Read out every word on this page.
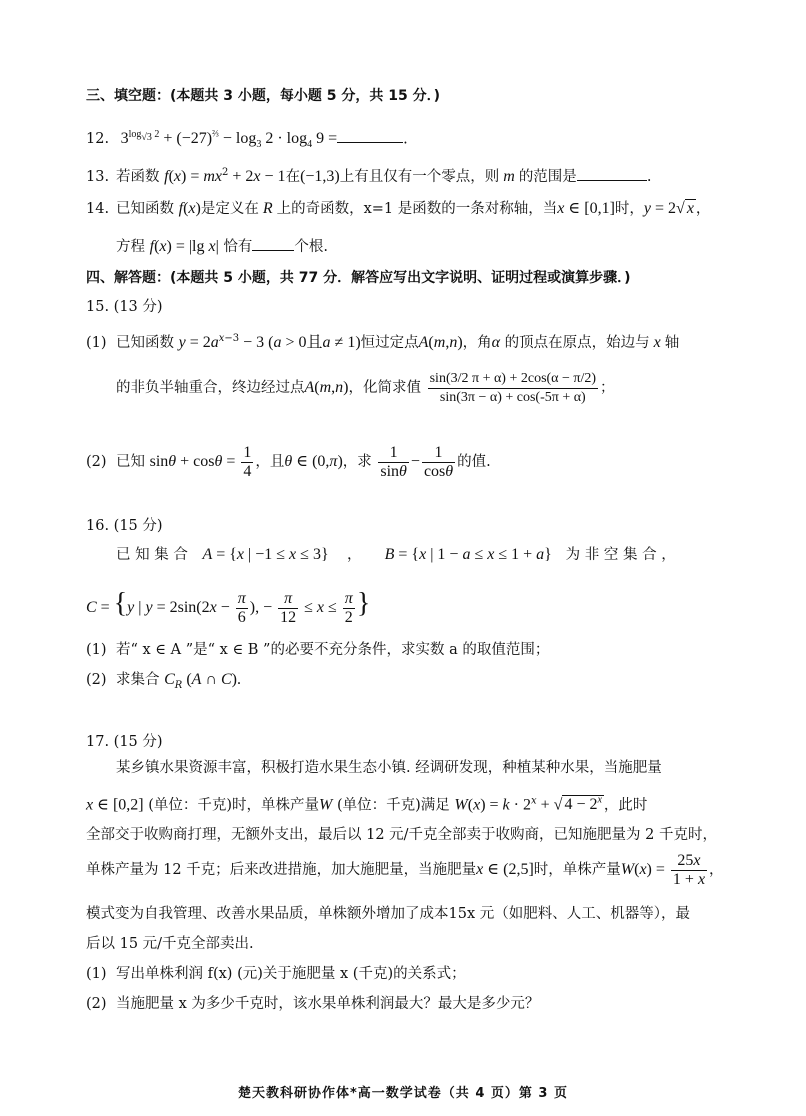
三、填空题：(本题共 3 小题，每小题 5 分，共 15 分．)
12. $3^{log_{√3} 2} + (-27)^{\frac{2}{3}} - \log_3 2 \cdot \log_4 9$ =	.
13. 若函数 $f(x) = mx^2 + 2x - 1$在(−1,3)上有且仅有一个零点，则 m 的范围是	.
14. 已知函数 f(x)是定义在 R 上的奇函数，x=1 是函数的一条对称轴，当x ∈ [0,1]时，y = 2√ x ，
方程 f(x) = |lg x| 恰有	个根.
四、解答题：(本题共 5 小题，共 77 分．解答应写出文字说明、证明过程或演算步骤．)
15. (13 分)
(1) 已知函数 $y = 2a^{x-3} - 3$ (a > 0且a ≠ 1)恒过定点A(m,n)，角α 的顶点在原点，始边与 x 轴
的非负半轴重合，终边经过点A(m,n)，化简求值 $\frac{\sin(3/2 \pi + \alpha) + 2\cos(\alpha - \pi/2)}{\sin(3\pi - \alpha) + \cos(-5\pi + \alpha)}$ ；
(2) 已知 $\sin\theta + \cos\theta = \frac{1}{4}$ ，且θ ∈ (0,π)，求 $\frac{1}{\sin\theta} - \frac{1}{\cos\theta}$ 的值.
16. (15 分)
已 知 集 合 A = {x | −1 ≤ x ≤ 3}    ，     B = {x | 1 − a ≤ x ≤ 1 + a} 为 非 空 集 合 ，
C = {y | $y = 2\sin(2x - \frac{\pi}{6}$ ), − $\frac{\pi}{12} \le x \le \frac{\pi}{2}$ }
(1) 若“ x ∈ A ”是“ x ∈ B ”的必要不充分条件，求实数 a 的取值范围；
(2) 求集合 $C_R$ (A ∩ C).
17. (15 分)
某乡镇水果资源丰富，积极打造水果生态小镇. 经调研发现，种植某种水果，当施肥量
x ∈ [0,2] (单位：千克)时，单株产量W (单位：千克)满足 $W(x) = k \cdot 2^x$ + √ $4 - 2^x$ ，此时
全部交于收购商打理，无额外支出，最后以 12 元/千克全部卖于收购商，已知施肥量为 2 千克时，
单株产量为 12 千克；后来改进措施，加大施肥量，当施肥量x ∈ (2,5]时，单株产量$W(x) = \frac{25x}{1 + x}$ ，
模式变为自我管理、改善水果品质，单株额外增加了成本15x 元（如肥料、人工、机器等），最
后以 15 元/千克全部卖出.
(1) 写出单株利润 f(x) (元)关于施肥量 x (千克)的关系式；
(2) 当施肥量 x 为多少千克时，该水果单株利润最大？最大是多少元？
楚天教科研协作体*高一数学试卷（共 4 页）第 3 页
